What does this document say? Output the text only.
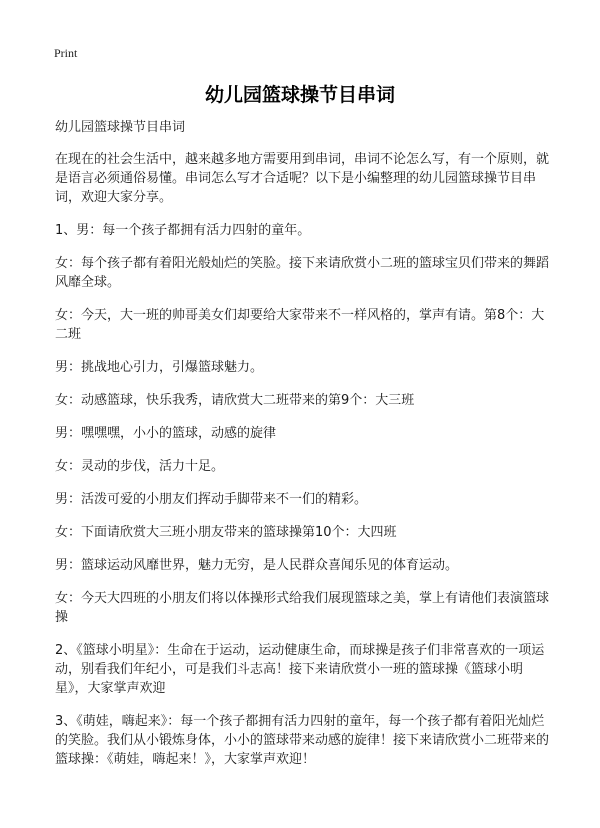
Print
幼儿园篮球操节目串词

幼儿园篮球操节目串词

在现在的社会生活中，越来越多地方需要用到串词，串词不论怎么写，有一个原则，就是语言必须通俗易懂。串词怎么写才合适呢？以下是小编整理的幼儿园篮球操节目串词，欢迎大家分享。

1、男：每一个孩子都拥有活力四射的童年。

女：每个孩子都有着阳光般灿烂的笑脸。接下来请欣赏小二班的篮球宝贝们带来的舞蹈风靡全球。

女：今天，大一班的帅哥美女们却要给大家带来不一样风格的，掌声有请。第8个：大二班

男：挑战地心引力，引爆篮球魅力。

女：动感篮球，快乐我秀，请欣赏大二班带来的第9个：大三班

男：嘿嘿嘿，小小的篮球，动感的旋律

女：灵动的步伐，活力十足。

男：活泼可爱的小朋友们挥动手脚带来不一们的精彩。

女：下面请欣赏大三班小朋友带来的篮球操第10个：大四班

男：篮球运动风靡世界，魅力无穷，是人民群众喜闻乐见的体育运动。

女：今天大四班的小朋友们将以体操形式给我们展现篮球之美，掌上有请他们表演篮球操

2、《篮球小明星》：生命在于运动，运动健康生命，而球操是孩子们非常喜欢的一项运动，别看我们年纪小，可是我们斗志高！接下来请欣赏小一班的篮球操《篮球小明星》，大家掌声欢迎

3、《萌娃，嗨起来》：每一个孩子都拥有活力四射的童年，每一个孩子都有着阳光灿烂的笑脸。我们从小锻炼身体，小小的篮球带来动感的旋律！接下来请欣赏小二班带来的篮球操：《萌娃，嗨起来！》，大家掌声欢迎！
